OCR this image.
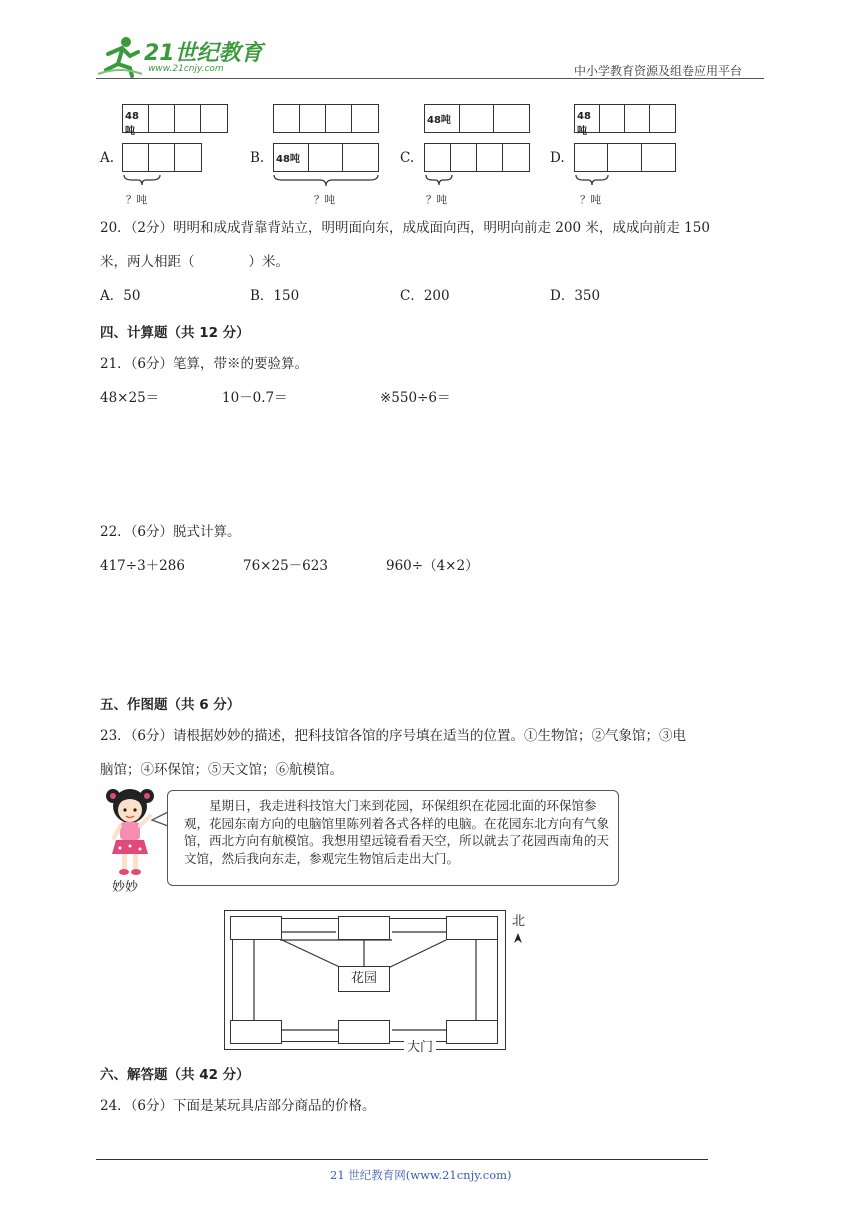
21世纪教育
www.21cnjy.com	中小学教育资源及组卷应用平台
A.
48吨
？吨
B. 48吨
？吨
C.
48吨
？吨
D.
48吨
？吨
20．（2分）明明和成成背靠背站立，明明面向东，成成面向西，明明向前走 200 米，成成向前走 150
米，两人相距（　　　　）米。
A．50	B．150	C．200	D．350
四、计算题（共 12 分）
21．（6分）笔算，带※的要验算。
48×25＝	10－0.7＝	※550÷6＝
22．（6分）脱式计算。
417÷3＋286	76×25－623	960÷（4×2）
五、作图题（共 6 分）
23．（6分）请根据妙妙的描述，把科技馆各馆的序号填在适当的位置。①生物馆；②气象馆；③电
脑馆；④环保馆；⑤天文馆；⑥航模馆。
妙妙

星期日，我走进科技馆大门来到花园，环保组织在花园北面的环保馆参观，花园东南方向的电脑馆里陈列着各式各样的电脑。在花园东北方向有气象馆，西北方向有航模馆。我想用望远镜看看天空，所以就去了花园西南角的天文馆，然后我向东走，参观完生物馆后走出大门。

花园
大门
北
六、解答题（共 42 分）
24．（6分）下面是某玩具店部分商品的价格。
21 世纪教育网(www.21cnjy.com)
